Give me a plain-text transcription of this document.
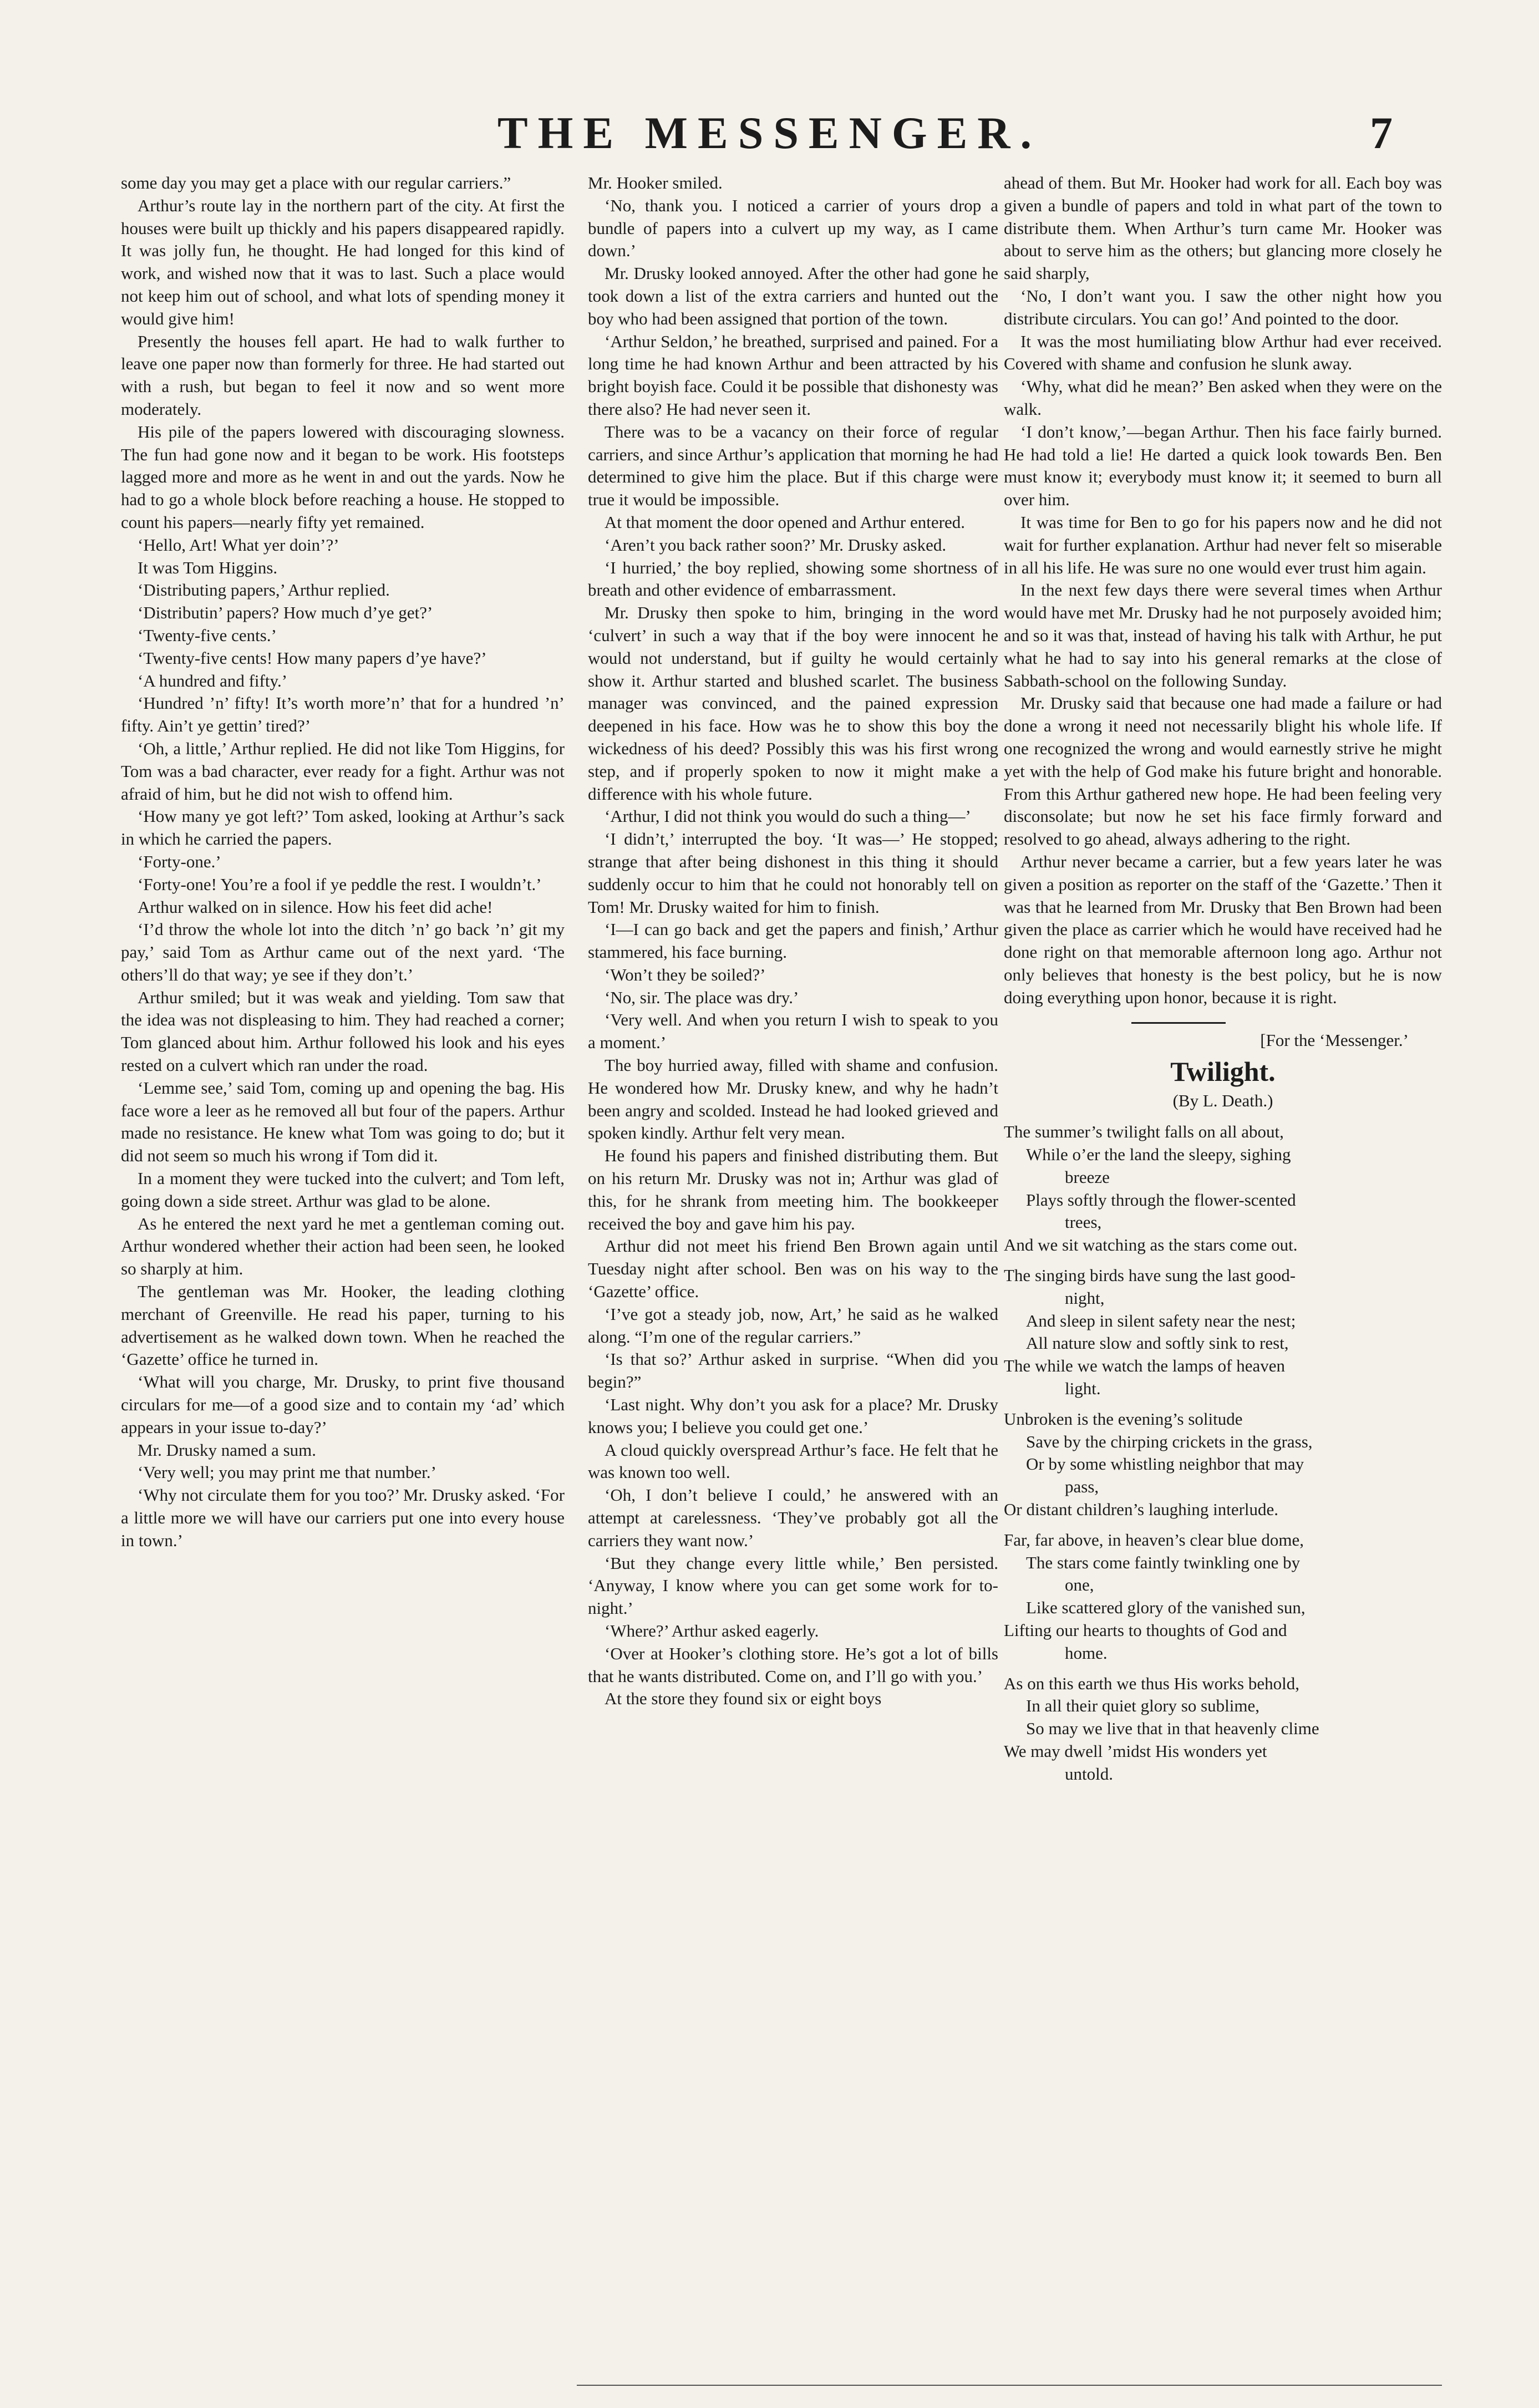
THE MESSENGER.	7

some day you may get a place with our regular carriers.”

Arthur’s route lay in the northern part of the city. At first the houses were built up thickly and his papers disappeared rapidly. It was jolly fun, he thought. He had longed for this kind of work, and wished now that it was to last. Such a place would not keep him out of school, and what lots of spending money it would give him!

Presently the houses fell apart. He had to walk further to leave one paper now than formerly for three. He had started out with a rush, but began to feel it now and so went more moderately.

His pile of the papers lowered with discouraging slowness. The fun had gone now and it began to be work. His footsteps lagged more and more as he went in and out the yards. Now he had to go a whole block before reaching a house. He stopped to count his papers—nearly fifty yet remained.

‘Hello, Art! What yer doin’?’

It was Tom Higgins.

‘Distributing papers,’ Arthur replied.

‘Distributin’ papers? How much d’ye get?’

‘Twenty-five cents.’

‘Twenty-five cents! How many papers d’ye have?’

‘A hundred and fifty.’

‘Hundred ’n’ fifty! It’s worth more’n’ that for a hundred ’n’ fifty. Ain’t ye gettin’ tired?’

‘Oh, a little,’ Arthur replied. He did not like Tom Higgins, for Tom was a bad character, ever ready for a fight. Arthur was not afraid of him, but he did not wish to offend him.

‘How many ye got left?’ Tom asked, looking at Arthur’s sack in which he carried the papers.

‘Forty-one.’

‘Forty-one! You’re a fool if ye peddle the rest. I wouldn’t.’

Arthur walked on in silence. How his feet did ache!

‘I’d throw the whole lot into the ditch ’n’ go back ’n’ git my pay,’ said Tom as Arthur came out of the next yard. ‘The others’ll do that way; ye see if they don’t.’

Arthur smiled; but it was weak and yielding. Tom saw that the idea was not displeasing to him. They had reached a corner; Tom glanced about him. Arthur followed his look and his eyes rested on a culvert which ran under the road.

‘Lemme see,’ said Tom, coming up and opening the bag. His face wore a leer as he removed all but four of the papers. Arthur made no resistance. He knew what Tom was going to do; but it did not seem so much his wrong if Tom did it.

In a moment they were tucked into the culvert; and Tom left, going down a side street. Arthur was glad to be alone.

As he entered the next yard he met a gentleman coming out. Arthur wondered whether their action had been seen, he looked so sharply at him.

The gentleman was Mr. Hooker, the leading clothing merchant of Greenville. He read his paper, turning to his advertisement as he walked down town. When he reached the ‘Gazette’ office he turned in.

‘What will you charge, Mr. Drusky, to print five thousand circulars for me—of a good size and to contain my ‘ad’ which appears in your issue to-day?’

Mr. Drusky named a sum.

‘Very well; you may print me that number.’

‘Why not circulate them for you too?’ Mr. Drusky asked. ‘For a little more we will have our carriers put one into every house in town.’

Mr. Hooker smiled.

‘No, thank you. I noticed a carrier of yours drop a bundle of papers into a culvert up my way, as I came down.’

Mr. Drusky looked annoyed. After the other had gone he took down a list of the extra carriers and hunted out the boy who had been assigned that portion of the town.

‘Arthur Seldon,’ he breathed, surprised and pained. For a long time he had known Arthur and been attracted by his bright boyish face. Could it be possible that dishonesty was there also? He had never seen it.

There was to be a vacancy on their force of regular carriers, and since Arthur’s application that morning he had determined to give him the place. But if this charge were true it would be impossible.

At that moment the door opened and Arthur entered.

‘Aren’t you back rather soon?’ Mr. Drusky asked.

‘I hurried,’ the boy replied, showing some shortness of breath and other evidence of embarrassment.

Mr. Drusky then spoke to him, bringing in the word ‘culvert’ in such a way that if the boy were innocent he would not understand, but if guilty he would certainly show it. Arthur started and blushed scarlet. The business manager was convinced, and the pained expression deepened in his face. How was he to show this boy the wickedness of his deed? Possibly this was his first wrong step, and if properly spoken to now it might make a difference with his whole future.

‘Arthur, I did not think you would do such a thing—’

‘I didn’t,’ interrupted the boy. ‘It was—’ He stopped; strange that after being dishonest in this thing it should suddenly occur to him that he could not honorably tell on Tom! Mr. Drusky waited for him to finish.

‘I—I can go back and get the papers and finish,’ Arthur stammered, his face burning.

‘Won’t they be soiled?’

‘No, sir. The place was dry.’

‘Very well. And when you return I wish to speak to you a moment.’

The boy hurried away, filled with shame and confusion. He wondered how Mr. Drusky knew, and why he hadn’t been angry and scolded. Instead he had looked grieved and spoken kindly. Arthur felt very mean.

He found his papers and finished distributing them. But on his return Mr. Drusky was not in; Arthur was glad of this, for he shrank from meeting him. The bookkeeper received the boy and gave him his pay.

Arthur did not meet his friend Ben Brown again until Tuesday night after school. Ben was on his way to the ‘Gazette’ office.

‘I’ve got a steady job, now, Art,’ he said as he walked along. “I’m one of the regular carriers.”

‘Is that so?’ Arthur asked in surprise. “When did you begin?”

‘Last night. Why don’t you ask for a place? Mr. Drusky knows you; I believe you could get one.’

A cloud quickly overspread Arthur’s face. He felt that he was known too well.

‘Oh, I don’t believe I could,’ he answered with an attempt at carelessness. ‘They’ve probably got all the carriers they want now.’

‘But they change every little while,’ Ben persisted. ‘Anyway, I know where you can get some work for to-night.’

‘Where?’ Arthur asked eagerly.

‘Over at Hooker’s clothing store. He’s got a lot of bills that he wants distributed. Come on, and I’ll go with you.’

At the store they found six or eight boys

ahead of them. But Mr. Hooker had work for all. Each boy was given a bundle of papers and told in what part of the town to distribute them. When Arthur’s turn came Mr. Hooker was about to serve him as the others; but glancing more closely he said sharply,

‘No, I don’t want you. I saw the other night how you distribute circulars. You can go!’ And pointed to the door.

It was the most humiliating blow Arthur had ever received. Covered with shame and confusion he slunk away.

‘Why, what did he mean?’ Ben asked when they were on the walk.

‘I don’t know,’—began Arthur. Then his face fairly burned. He had told a lie! He darted a quick look towards Ben. Ben must know it; everybody must know it; it seemed to burn all over him.

It was time for Ben to go for his papers now and he did not wait for further explanation. Arthur had never felt so miserable in all his life. He was sure no one would ever trust him again.

In the next few days there were several times when Arthur would have met Mr. Drusky had he not purposely avoided him; and so it was that, instead of having his talk with Arthur, he put what he had to say into his general remarks at the close of Sabbath-school on the following Sunday.

Mr. Drusky said that because one had made a failure or had done a wrong it need not necessarily blight his whole life. If one recognized the wrong and would earnestly strive he might yet with the help of God make his future bright and honorable. From this Arthur gathered new hope. He had been feeling very disconsolate; but now he set his face firmly forward and resolved to go ahead, always adhering to the right.

Arthur never became a carrier, but a few years later he was given a position as reporter on the staff of the ‘Gazette.’ Then it was that he learned from Mr. Drusky that Ben Brown had been given the place as carrier which he would have received had he done right on that memorable afternoon long ago. Arthur not only believes that honesty is the best policy, but he is now doing everything upon honor, because it is right.

[For the ‘Messenger.’
Twilight.
(By L. Death.)
The summer’s twilight falls on all about,
While o’er the land the sleepy, sighing
breeze
Plays softly through the flower-scented
trees,
And we sit watching as the stars come out.
The singing birds have sung the last good-
night,
And sleep in silent safety near the nest;
All nature slow and softly sink to rest,
The while we watch the lamps of heaven
light.
Unbroken is the evening’s solitude
Save by the chirping crickets in the grass,
Or by some whistling neighbor that may
pass,
Or distant children’s laughing interlude.
Far, far above, in heaven’s clear blue dome,
The stars come faintly twinkling one by
one,
Like scattered glory of the vanished sun,
Lifting our hearts to thoughts of God and
home.
As on this earth we thus His works behold,
In all their quiet glory so sublime,
So may we live that in that heavenly clime
We may dwell ’midst His wonders yet
untold.
